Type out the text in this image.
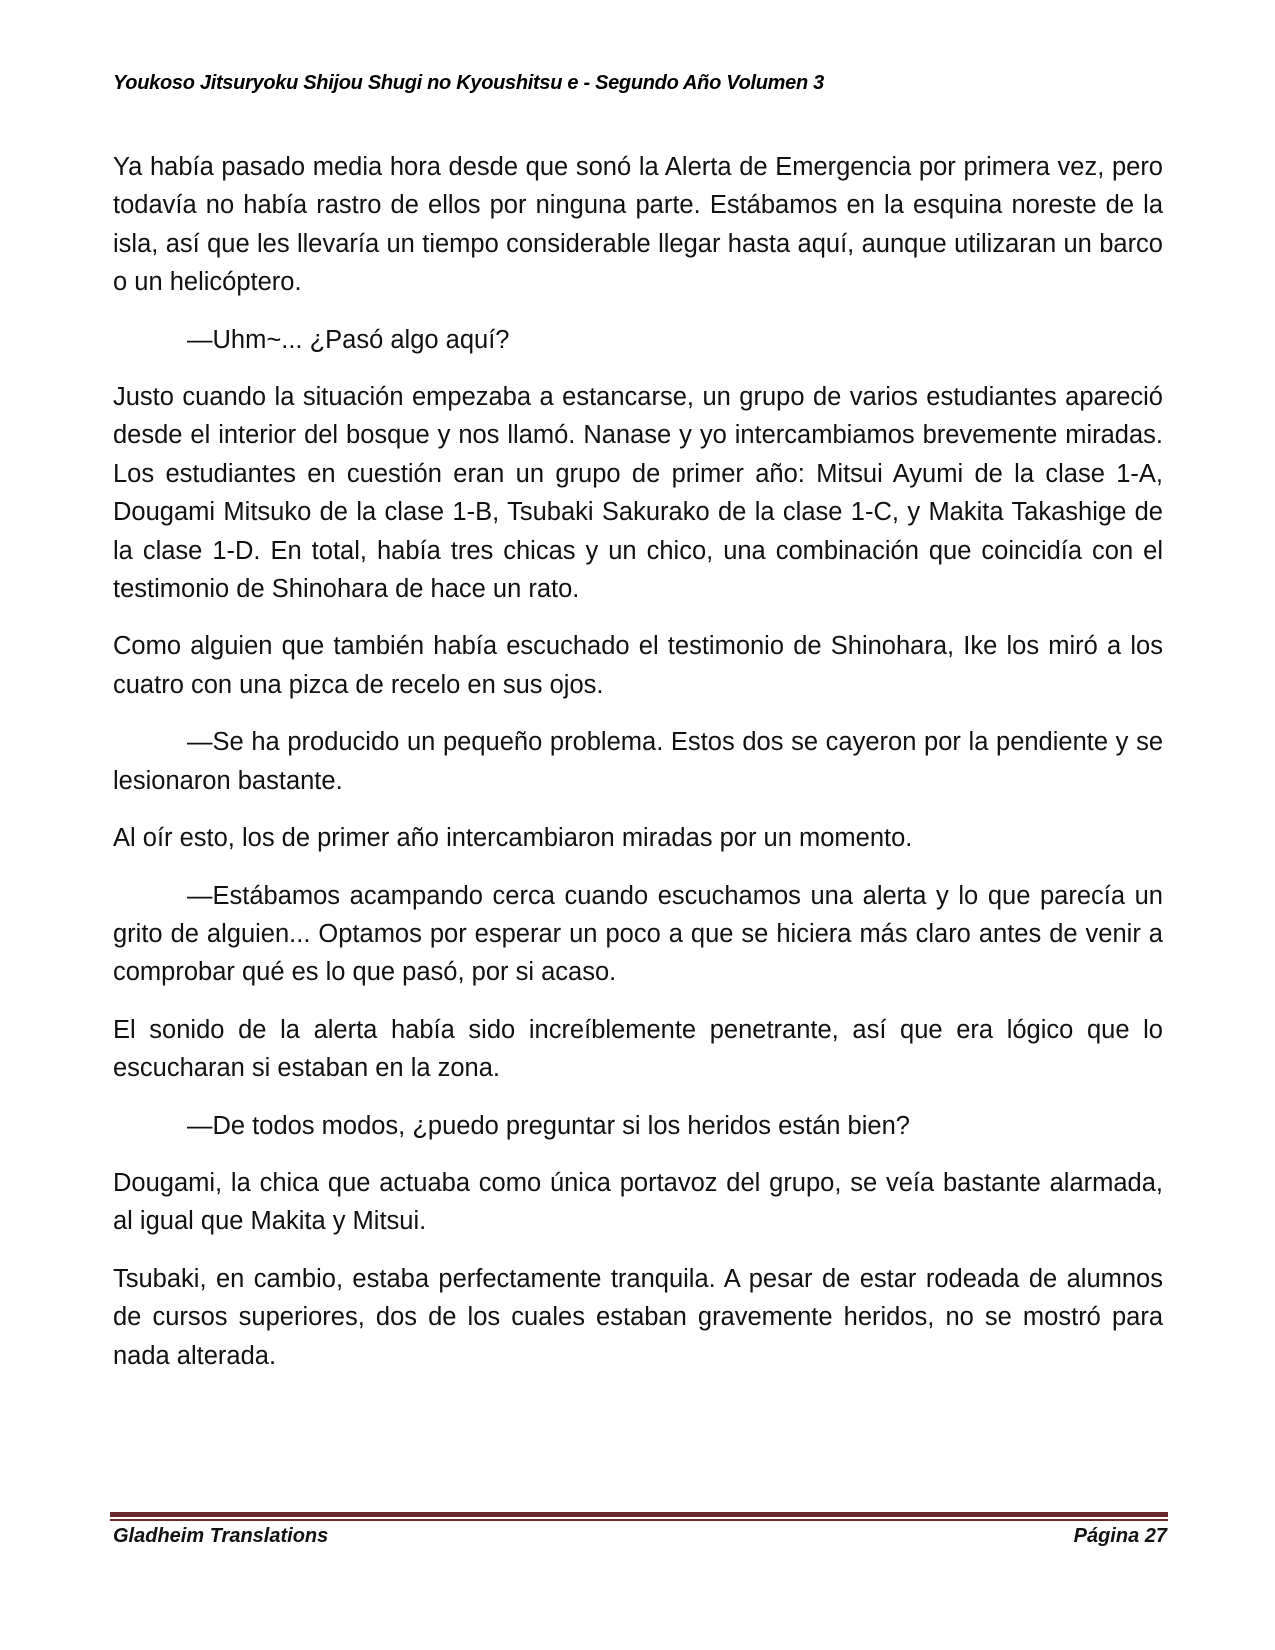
Youkoso Jitsuryoku Shijou Shugi no Kyoushitsu e - Segundo Año Volumen 3

Ya había pasado media hora desde que sonó la Alerta de Emergencia por primera vez, pero todavía no había rastro de ellos por ninguna parte. Estábamos en la esquina noreste de la isla, así que les llevaría un tiempo considerable llegar hasta aquí, aunque utilizaran un barco o un helicóptero.

—Uhm~... ¿Pasó algo aquí?

Justo cuando la situación empezaba a estancarse, un grupo de varios estudiantes apareció desde el interior del bosque y nos llamó. Nanase y yo intercambiamos brevemente miradas. Los estudiantes en cuestión eran un grupo de primer año: Mitsui Ayumi de la clase 1-A, Dougami Mitsuko de la clase 1-B, Tsubaki Sakurako de la clase 1-C, y Makita Takashige de la clase 1-D. En total, había tres chicas y un chico, una combinación que coincidía con el testimonio de Shinohara de hace un rato.

Como alguien que también había escuchado el testimonio de Shinohara, Ike los miró a los cuatro con una pizca de recelo en sus ojos.

—Se ha producido un pequeño problema. Estos dos se cayeron por la pendiente y se lesionaron bastante.

Al oír esto, los de primer año intercambiaron miradas por un momento.

—Estábamos acampando cerca cuando escuchamos una alerta y lo que parecía un grito de alguien... Optamos por esperar un poco a que se hiciera más claro antes de venir a comprobar qué es lo que pasó, por si acaso.

El sonido de la alerta había sido increíblemente penetrante, así que era lógico que lo escucharan si estaban en la zona.

—De todos modos, ¿puedo preguntar si los heridos están bien?

Dougami, la chica que actuaba como única portavoz del grupo, se veía bastante alarmada, al igual que Makita y Mitsui.

Tsubaki, en cambio, estaba perfectamente tranquila. A pesar de estar rodeada de alumnos de cursos superiores, dos de los cuales estaban gravemente heridos, no se mostró para nada alterada.

Gladheim Translations	Página 27
